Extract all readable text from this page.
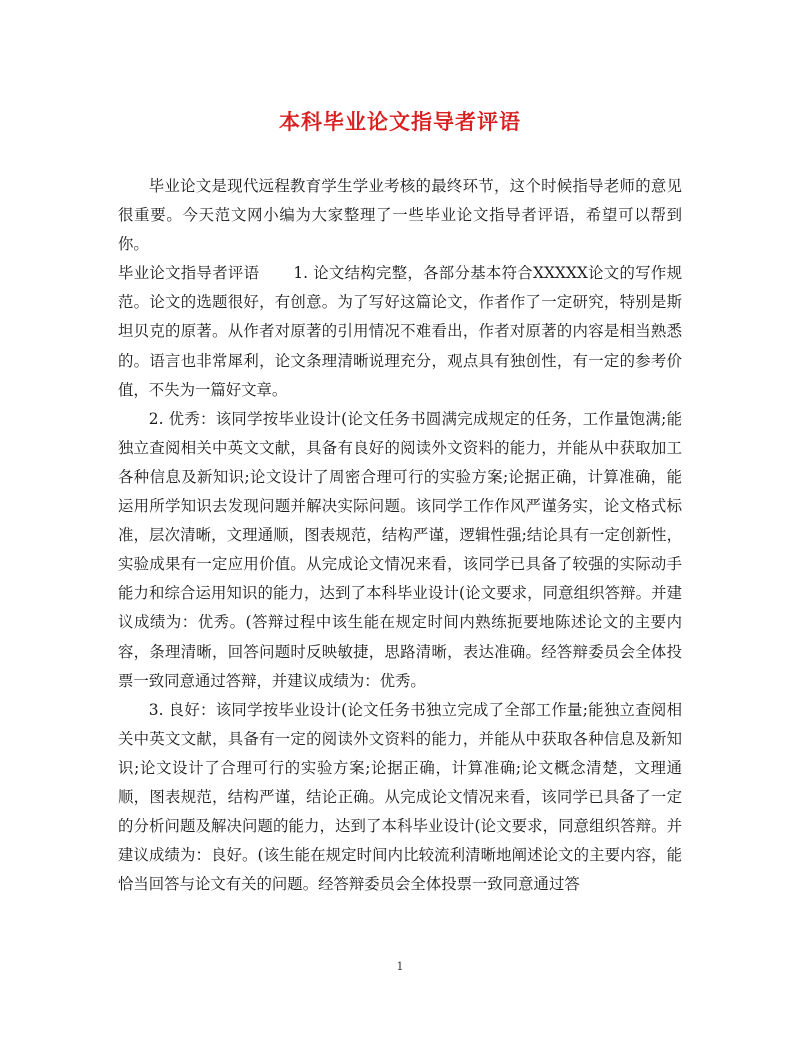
本科毕业论文指导者评语

毕业论文是现代远程教育学生学业考核的最终环节，这个时候指导老师的意见很重要。今天范文网小编为大家整理了一些毕业论文指导者评语，希望可以帮到你。

毕业论文指导者评语 1. 论文结构完整，各部分基本符合XXXXX论文的写作规范。论文的选题很好，有创意。为了写好这篇论文，作者作了一定研究，特别是斯坦贝克的原著。从作者对原著的引用情况不难看出，作者对原著的内容是相当熟悉的。语言也非常犀利，论文条理清晰说理充分，观点具有独创性，有一定的参考价值，不失为一篇好文章。

2. 优秀：该同学按毕业设计(论文任务书圆满完成规定的任务，工作量饱满;能独立查阅相关中英文文献，具备有良好的阅读外文资料的能力，并能从中获取加工各种信息及新知识;论文设计了周密合理可行的实验方案;论据正确，计算准确，能运用所学知识去发现问题并解决实际问题。该同学工作作风严谨务实，论文格式标准，层次清晰，文理通顺，图表规范，结构严谨，逻辑性强;结论具有一定创新性，实验成果有一定应用价值。从完成论文情况来看，该同学已具备了较强的实际动手能力和综合运用知识的能力，达到了本科毕业设计(论文要求，同意组织答辩。并建议成绩为：优秀。(答辩过程中该生能在规定时间内熟练扼要地陈述论文的主要内容，条理清晰，回答问题时反映敏捷，思路清晰，表达准确。经答辩委员会全体投票一致同意通过答辩，并建议成绩为：优秀。

3. 良好：该同学按毕业设计(论文任务书独立完成了全部工作量;能独立查阅相关中英文文献，具备有一定的阅读外文资料的能力，并能从中获取各种信息及新知识;论文设计了合理可行的实验方案;论据正确，计算准确;论文概念清楚，文理通顺，图表规范，结构严谨，结论正确。从完成论文情况来看，该同学已具备了一定的分析问题及解决问题的能力，达到了本科毕业设计(论文要求，同意组织答辩。并建议成绩为：良好。(该生能在规定时间内比较流利清晰地阐述论文的主要内容，能恰当回答与论文有关的问题。经答辩委员会全体投票一致同意通过答

1
